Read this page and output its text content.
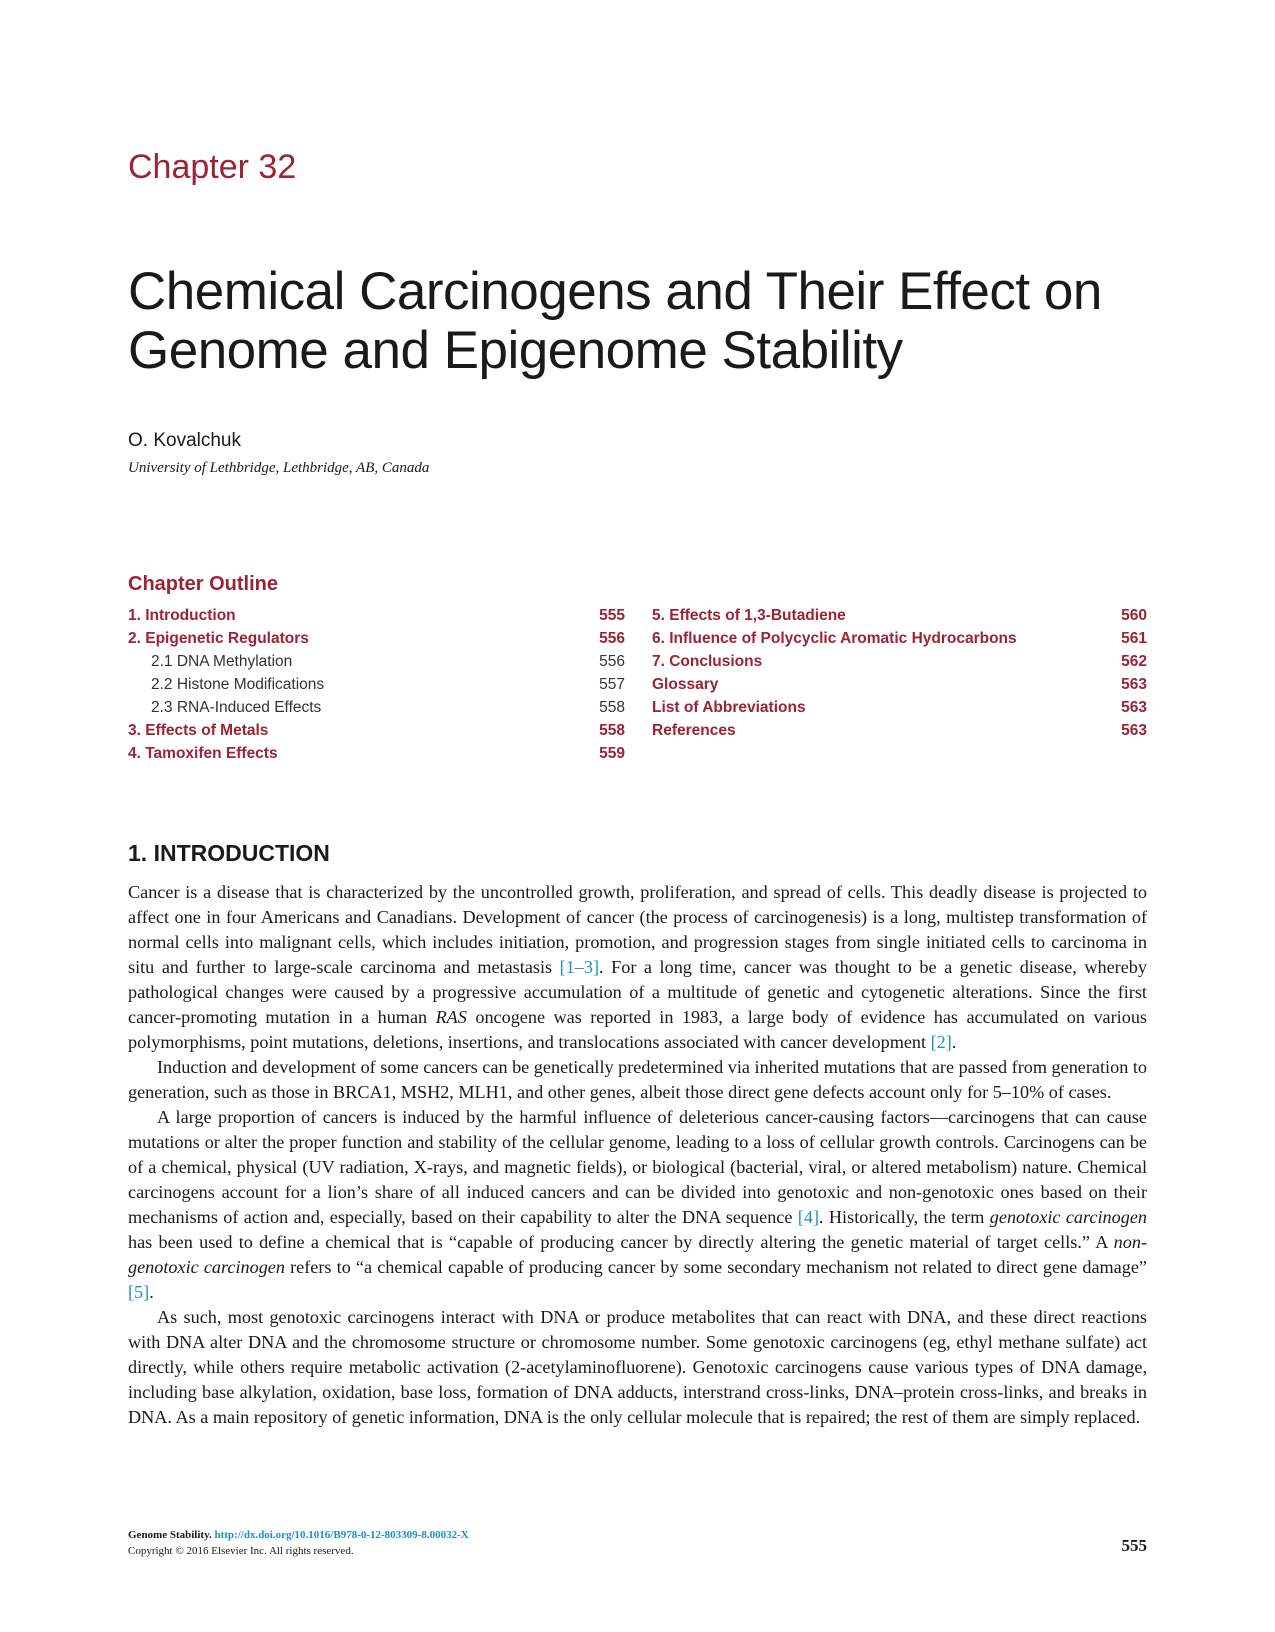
Chapter 32
Chemical Carcinogens and Their Effect on
Genome and Epigenome Stability
O. Kovalchuk
University of Lethbridge, Lethbridge, AB, Canada
Chapter Outline
1. Introduction	555
2. Epigenetic Regulators	556
2.1 DNA Methylation	556
2.2 Histone Modifications	557
2.3 RNA-Induced Effects	558
3. Effects of Metals	558
4. Tamoxifen Effects	559
5. Effects of 1,3-Butadiene	560
6. Influence of Polycyclic Aromatic Hydrocarbons	561
7. Conclusions	562
Glossary	563
List of Abbreviations	563
References	563
1. INTRODUCTION

Cancer is a disease that is characterized by the uncontrolled growth, proliferation, and spread of cells. This deadly disease is projected to affect one in four Americans and Canadians. Development of cancer (the process of carcinogenesis) is a long, multistep transformation of normal cells into malignant cells, which includes initiation, promotion, and progression stages from single initiated cells to carcinoma in situ and further to large-scale carcinoma and metastasis [1–3]. For a long time, cancer was thought to be a genetic disease, whereby pathological changes were caused by a progressive accumulation of a multitude of genetic and cytogenetic alterations. Since the first cancer-promoting mutation in a human RAS oncogene was reported in 1983, a large body of evidence has accumulated on various polymorphisms, point mutations, deletions, insertions, and translocations associated with cancer development [2].

Induction and development of some cancers can be genetically predetermined via inherited mutations that are passed from generation to generation, such as those in BRCA1, MSH2, MLH1, and other genes, albeit those direct gene defects account only for 5–10% of cases.

A large proportion of cancers is induced by the harmful influence of deleterious cancer-causing factors—carcinogens that can cause mutations or alter the proper function and stability of the cellular genome, leading to a loss of cellular growth controls. Carcinogens can be of a chemical, physical (UV radiation, X-rays, and magnetic fields), or biological (bacterial, viral, or altered metabolism) nature. Chemical carcinogens account for a lion’s share of all induced cancers and can be divided into genotoxic and non-genotoxic ones based on their mechanisms of action and, especially, based on their capability to alter the DNA sequence [4]. Historically, the term genotoxic carcinogen has been used to define a chemical that is “capable of producing cancer by directly altering the genetic material of target cells.” A non-genotoxic carcinogen refers to “a chemical capable of producing cancer by some secondary mechanism not related to direct gene damage” [5].

As such, most genotoxic carcinogens interact with DNA or produce metabolites that can react with DNA, and these direct reactions with DNA alter DNA and the chromosome structure or chromosome number. Some genotoxic carcinogens (eg, ethyl methane sulfate) act directly, while others require metabolic activation (2-acetylaminofluorene). Genotoxic carcinogens cause various types of DNA damage, including base alkylation, oxidation, base loss, formation of DNA adducts, interstrand cross-links, DNA–protein cross-links, and breaks in DNA. As a main repository of genetic information, DNA is the only cellular molecule that is repaired; the rest of them are simply replaced.

Genome Stability. http://dx.doi.org/10.1016/B978-0-12-803309-8.00032-X
Copyright © 2016 Elsevier Inc. All rights reserved.	555
